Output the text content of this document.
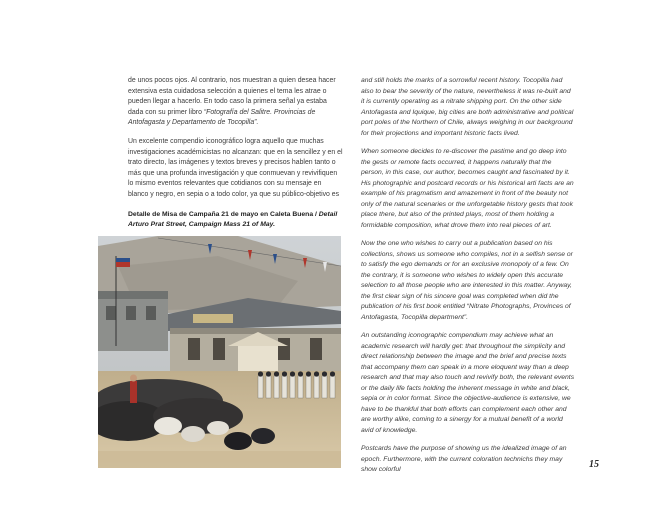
de unos pocos ojos. Al contrario, nos muestran a quien desea hacer extensiva esta cuidadosa selección a quienes el tema les atrae o pueden llegar a hacerlo. En todo caso la primera señal ya estaba dada con su primer libro “Fotografía del Salitre. Provincias de Antofagasta y Departamento de Tocopilla”.

Un excelente compendio iconográfico logra aquello que muchas investigaciones académicistas no alcanzan: que en la sencillez y en el trato directo, las imágenes y textos breves y precisos hablen tanto o más que una profunda investigación y que conmuevan y revivifiquen lo mismo eventos relevantes que cotidianos con su mensaje en blanco y negro, en sepia o a todo color, ya que su público-objetivo es

Detalle de Misa de Campaña 21 de mayo en Caleta Buena / Detail Arturo Prat Street, Campaign Mass 21 of May.

and still holds the marks of a sorrowful recent history. Tocopilla had also to bear the severity of the nature, nevertheless it was re-built and it is currently operating as a nitrate shipping port. On the other side Antofagasta and Iquique, big cities are both administrative and political port poles of the Northern of Chile, always weighing in our background for their projections and important historic facts lived.

When someone decides to re-discover the pastime and go deep into the gests or remote facts occurred, it happens naturally that the person, in this case, our author, becomes caught and fascinated by it. His photographic and postcard records or his historical arti facts are an example of his pragmatism and amazement in front of the beauty not only of the natural scenaries or the unforgetable history gests that took place there, but also of the printed plays, most of them holding a formidable composition, what drove them into real pieces of art.

Now the one who wishes to carry out a publication based on his collections, shows us someone who compiles, not in a selfish sense or to satisfy the ego demands or for an exclusive monopoly of a few. On the contrary, it is someone who wishes to widely open this accurate selection to all those people who are interested in this matter. Anyway, the first clear sign of his sincere goal was completed when did the publication of his first book entitled “Nitrate Photographs, Provinces of Antofagasta, Tocopilla department”.

An outstanding iconographic compendium may achieve what an academic research will hardly get: that throughout the simplicity and direct relationship between the image and the brief and precise texts that accompany them can speak in a more eloquent way than a deep research and that may also touch and revivify both, the relevant events or the daily life facts holding the inherent message in white and black, sepia or in color format. Since the objective-audience is extensive, we have to be thankful that both efforts can complement each other and are worthy alike, coming to a sinergy for a mutual benefit of a world avid of knowledge.

Postcards have the purpose of showing us the idealized image of an epoch. Furthermore, with the current coloration technichs they may show colorful	15
